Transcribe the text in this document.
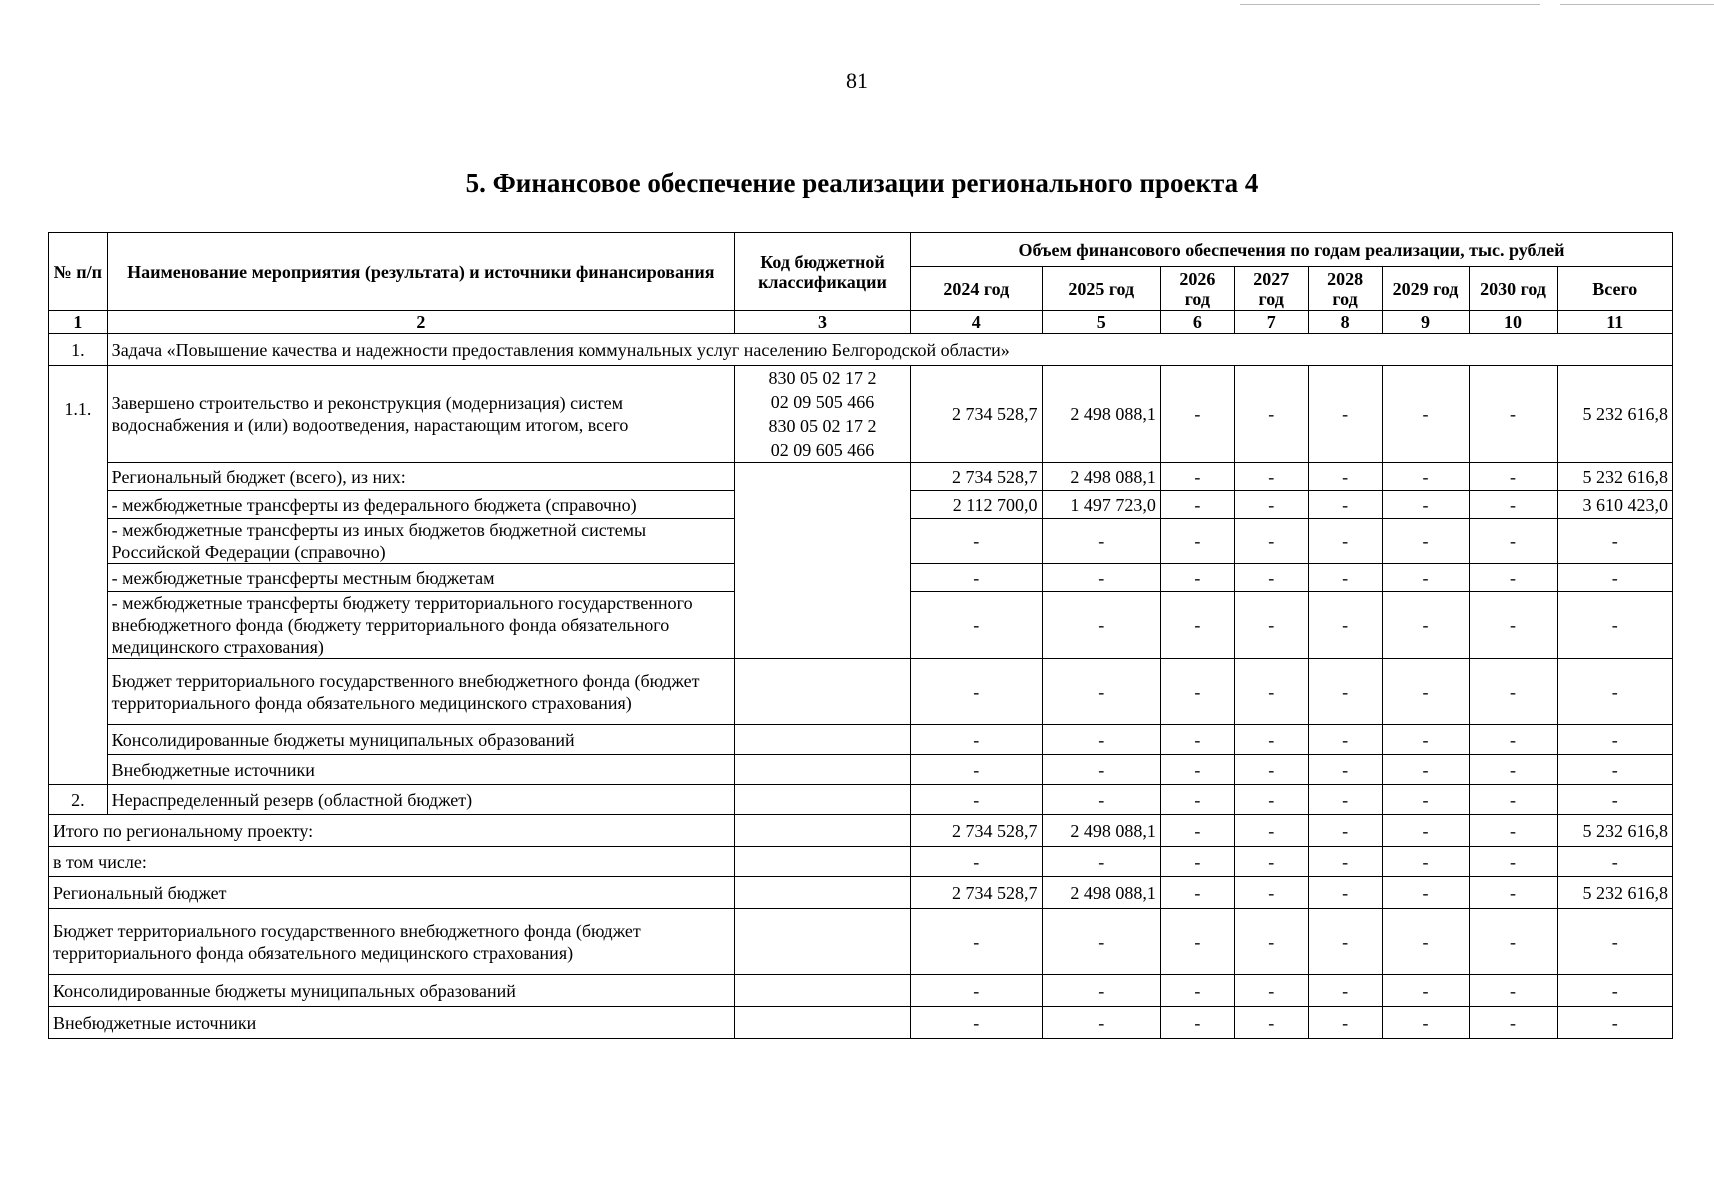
81
5. Финансовое обеспечение реализации регионального проекта 4
№ п/п	Наименование мероприятия (результата) и источники финансирования	Код бюджетной классификации	Объем финансового обеспечения по годам реализации, тыс. рублей							
			2024 год	2025 год	2026 год	2027 год	2028 год	2029 год	2030 год	Всего
1	2	3	4	5	6	7	8	9	10	11
1.	Задача «Повышение качества и надежности предоставления коммунальных услуг населению Белгородской области»									
1.1.	Завершено строительство и реконструкция (модернизация) систем водоснабжения и (или) водоотведения, нарастающим итогом, всего	830 05 02 17 2
02 09 505 466
830 05 02 17 2
02 09 605 466	2 734 528,7	2 498 088,1	-	-	-	-	-	5 232 616,8
	Региональный бюджет (всего), из них:		2 734 528,7	2 498 088,1	-	-	-	-	-	5 232 616,8
	- межбюджетные трансферты из федерального бюджета (справочно)		2 112 700,0	1 497 723,0	-	-	-	-	-	3 610 423,0
	- межбюджетные трансферты из иных бюджетов бюджетной системы Российской Федерации (справочно)		-	-	-	-	-	-	-	-
	- межбюджетные трансферты местным бюджетам		-	-	-	-	-	-	-	-
	- межбюджетные трансферты бюджету территориального государственного внебюджетного фонда (бюджету территориального фонда обязательного медицинского страхования)		-	-	-	-	-	-	-	-
	Бюджет территориального государственного внебюджетного фонда (бюджет территориального фонда обязательного медицинского страхования)		-	-	-	-	-	-	-	-
	Консолидированные бюджеты муниципальных образований		-	-	-	-	-	-	-	-
	Внебюджетные источники		-	-	-	-	-	-	-	-
2.	Нераспределенный резерв (областной бюджет)		-	-	-	-	-	-	-	-
Итого по региональному проекту:			2 734 528,7	2 498 088,1	-	-	-	-	-	5 232 616,8
в том числе:			-	-	-	-	-	-	-	-
Региональный бюджет			2 734 528,7	2 498 088,1	-	-	-	-	-	5 232 616,8
Бюджет территориального государственного внебюджетного фонда (бюджет территориального фонда обязательного медицинского страхования)			-	-	-	-	-	-	-	-
Консолидированные бюджеты муниципальных образований			-	-	-	-	-	-	-	-
Внебюджетные источники			-	-	-	-	-	-	-	-
